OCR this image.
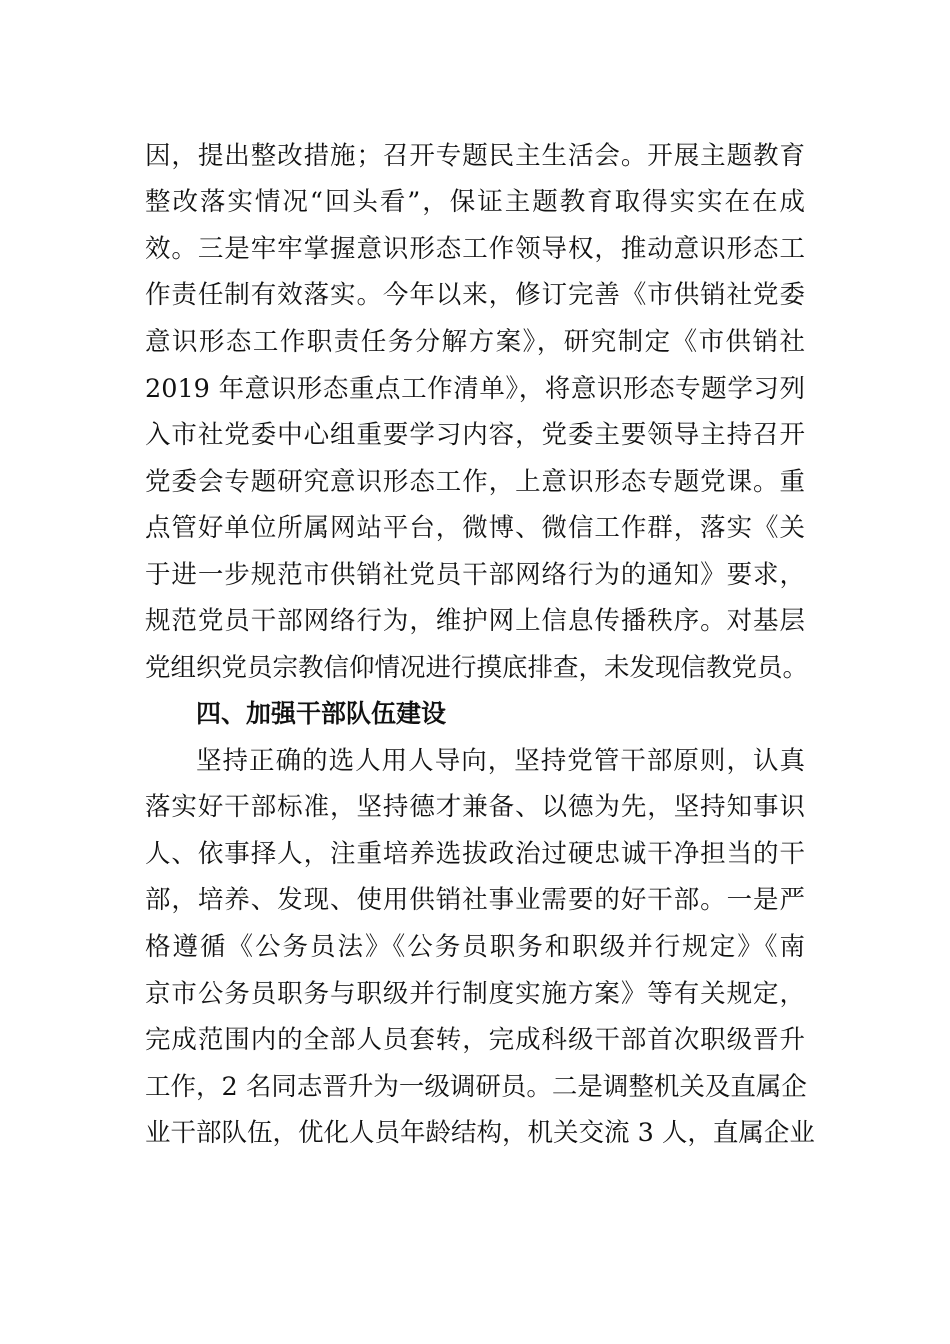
因，提出整改措施；召开专题民主生活会。开展主题教育
整改落实情况“回头看”，保证主题教育取得实实在在成
效。三是牢牢掌握意识形态工作领导权，推动意识形态工
作责任制有效落实。今年以来，修订完善《市供销社党委
意识形态工作职责任务分解方案》，研究制定《市供销社
2019 年意识形态重点工作清单》，将意识形态专题学习列
入市社党委中心组重要学习内容，党委主要领导主持召开
党委会专题研究意识形态工作，上意识形态专题党课。重
点管好单位所属网站平台，微博、微信工作群，落实《关
于进一步规范市供销社党员干部网络行为的通知》要求，
规范党员干部网络行为，维护网上信息传播秩序。对基层
党组织党员宗教信仰情况进行摸底排查，未发现信教党员。
四、加强干部队伍建设
坚持正确的选人用人导向，坚持党管干部原则，认真
落实好干部标准，坚持德才兼备、以德为先，坚持知事识
人、依事择人，注重培养选拔政治过硬忠诚干净担当的干
部，培养、发现、使用供销社事业需要的好干部。一是严
格遵循《公务员法》《公务员职务和职级并行规定》《南
京市公务员职务与职级并行制度实施方案》等有关规定，
完成范围内的全部人员套转，完成科级干部首次职级晋升
工作，2 名同志晋升为一级调研员。二是调整机关及直属企
业干部队伍，优化人员年龄结构，机关交流 3 人，直属企业
